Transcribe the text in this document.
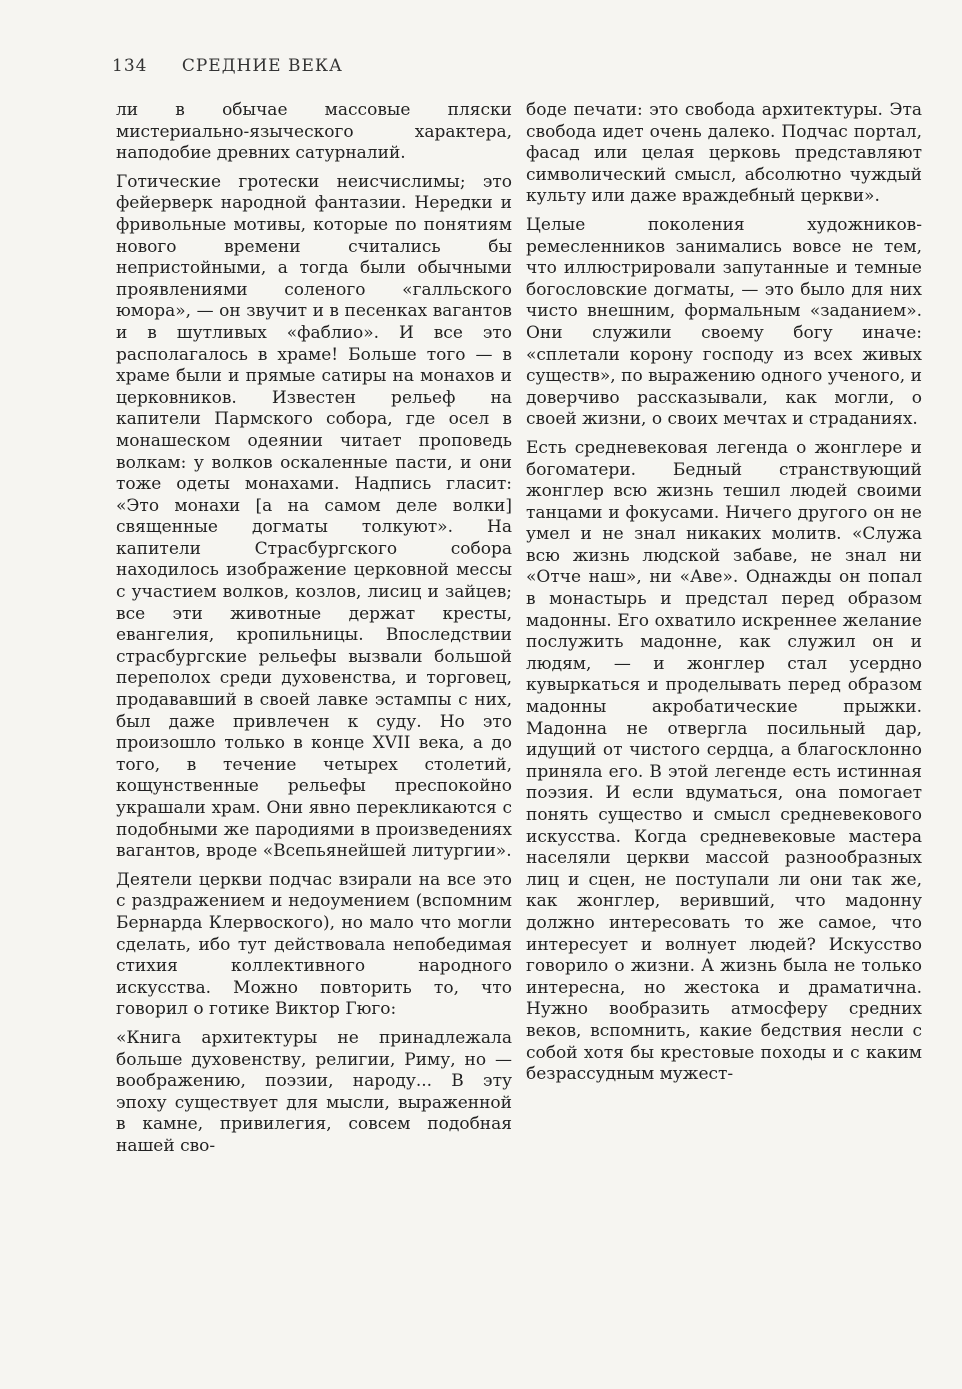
134 СРЕДНИЕ ВЕКА

ли в обычае массовые пляски мистериально-языческого характера, наподобие древних сатурналий.

Готические гротески неисчислимы; это фейерверк народной фантазии. Нередки и фривольные мотивы, которые по понятиям нового времени считались бы непристойными, а тогда были обычными проявлениями соленого «галльского юмора», — он звучит и в песенках вагантов и в шутливых «фаблио». И все это располагалось в храме! Больше того — в храме были и прямые сатиры на монахов и церковников. Известен рельеф на капители Пармского собора, где осел в монашеском одеянии читает проповедь волкам: у волков оскаленные пасти, и они тоже одеты монахами. Надпись гласит: «Это монахи [а на самом деле волки] священные догматы толкуют». На капители Страсбургского собора находилось изображение церковной мессы с участием волков, козлов, лисиц и зайцев; все эти животные держат кресты, евангелия, кропильницы. Впоследствии страсбургские рельефы вызвали большой переполох среди духовенства, и торговец, продававший в своей лавке эстампы с них, был даже привлечен к суду. Но это произошло только в конце XVII века, а до того, в течение четырех столетий, кощунственные рельефы преспокойно украшали храм. Они явно перекликаются с подобными же пародиями в произведениях вагантов, вроде «Всепьянейшей литургии».

Деятели церкви подчас взирали на все это с раздражением и недоумением (вспомним Бернарда Клервоского), но мало что могли сделать, ибо тут действовала непобедимая стихия коллективного народного искусства. Можно повторить то, что говорил о готике Виктор Гюго:

«Книга архитектуры не принадлежала больше духовенству, религии, Риму, но — воображению, поэзии, народу... В эту эпоху существует для мысли, выраженной в камне, привилегия, совсем подобная нашей сво-

боде печати: это свобода архитектуры. Эта свобода идет очень далеко. Подчас портал, фасад или целая церковь представляют символический смысл, абсолютно чуждый культу или даже враждебный церкви».

Целые поколения художников-ремесленников занимались вовсе не тем, что иллюстрировали запутанные и темные богословские догматы, — это было для них чисто внешним, формальным «заданием». Они служили своему богу иначе: «сплетали корону господу из всех живых существ», по выражению одного ученого, и доверчиво рассказывали, как могли, о своей жизни, о своих мечтах и страданиях.

Есть средневековая легенда о жонглере и богоматери. Бедный странствующий жонглер всю жизнь тешил людей своими танцами и фокусами. Ничего другого он не умел и не знал никаких молитв. «Служа всю жизнь людской забаве, не знал ни «Отче наш», ни «Аве». Однажды он попал в монастырь и предстал перед образом мадонны. Его охватило искреннее желание послужить мадонне, как служил он и людям, — и жонглер стал усердно кувыркаться и проделывать перед образом мадонны акробатические прыжки. Мадонна не отвергла посильный дар, идущий от чистого сердца, а благосклонно приняла его. В этой легенде есть истинная поэзия. И если вдуматься, она помогает понять существо и смысл средневекового искусства. Когда средневековые мастера населяли церкви массой разнообразных лиц и сцен, не поступали ли они так же, как жонглер, веривший, что мадонну должно интересовать то же самое, что интересует и волнует людей? Искусство говорило о жизни. А жизнь была не только интересна, но жестока и драматична. Нужно вообразить атмосферу средних веков, вспомнить, какие бедствия несли с собой хотя бы крестовые походы и с каким безрассудным мужест-
